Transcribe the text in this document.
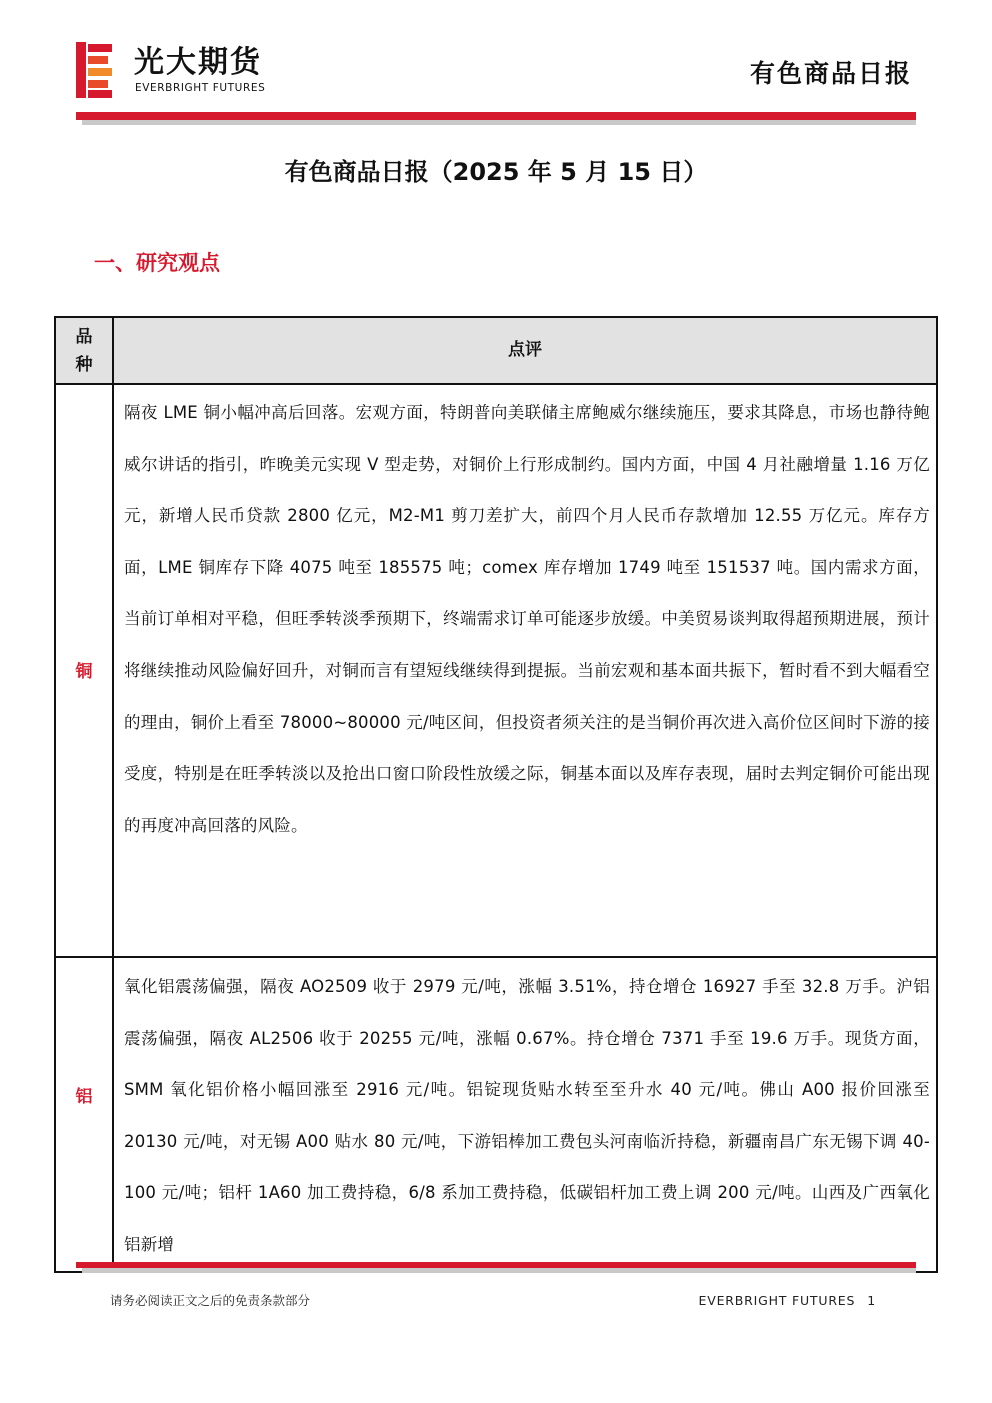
光大期货
EVERBRIGHT FUTURES	有色商品日报
有色商品日报（2025 年 5 月 15 日）
一、研究观点
品种
点评
铜
隔夜 LME 铜小幅冲高后回落。宏观方面，特朗普向美联储主席鲍威尔继续施压，要求其降息，市场也静待鲍威尔讲话的指引，昨晚美元实现 V 型走势，对铜价上行形成制约。国内方面，中国 4 月社融增量 1.16 万亿元，新增人民币贷款 2800 亿元，M2-M1 剪刀差扩大，前四个月人民币存款增加 12.55 万亿元。库存方面，LME 铜库存下降 4075 吨至 185575 吨；comex 库存增加 1749 吨至 151537 吨。国内需求方面，当前订单相对平稳，但旺季转淡季预期下，终端需求订单可能逐步放缓。中美贸易谈判取得超预期进展，预计将继续推动风险偏好回升，对铜而言有望短线继续得到提振。当前宏观和基本面共振下，暂时看不到大幅看空的理由，铜价上看至 78000~80000 元/吨区间，但投资者须关注的是当铜价再次进入高价位区间时下游的接受度，特别是在旺季转淡以及抢出口窗口阶段性放缓之际，铜基本面以及库存表现，届时去判定铜价可能出现的再度冲高回落的风险。
铝
氧化铝震荡偏强，隔夜 AO2509 收于 2979 元/吨，涨幅 3.51%，持仓增仓 16927 手至 32.8 万手。沪铝震荡偏强，隔夜 AL2506 收于 20255 元/吨，涨幅 0.67%。持仓增仓 7371 手至 19.6 万手。现货方面，SMM 氧化铝价格小幅回涨至 2916 元/吨。铝锭现货贴水转至至升水 40 元/吨。佛山 A00 报价回涨至 20130 元/吨，对无锡 A00 贴水 80 元/吨，下游铝棒加工费包头河南临沂持稳，新疆南昌广东无锡下调 40-100 元/吨；铝杆 1A60 加工费持稳，6/8 系加工费持稳，低碳铝杆加工费上调 200 元/吨。山西及广西氧化铝新增
请务必阅读正文之后的免责条款部分	EVERBRIGHT FUTURES 1
